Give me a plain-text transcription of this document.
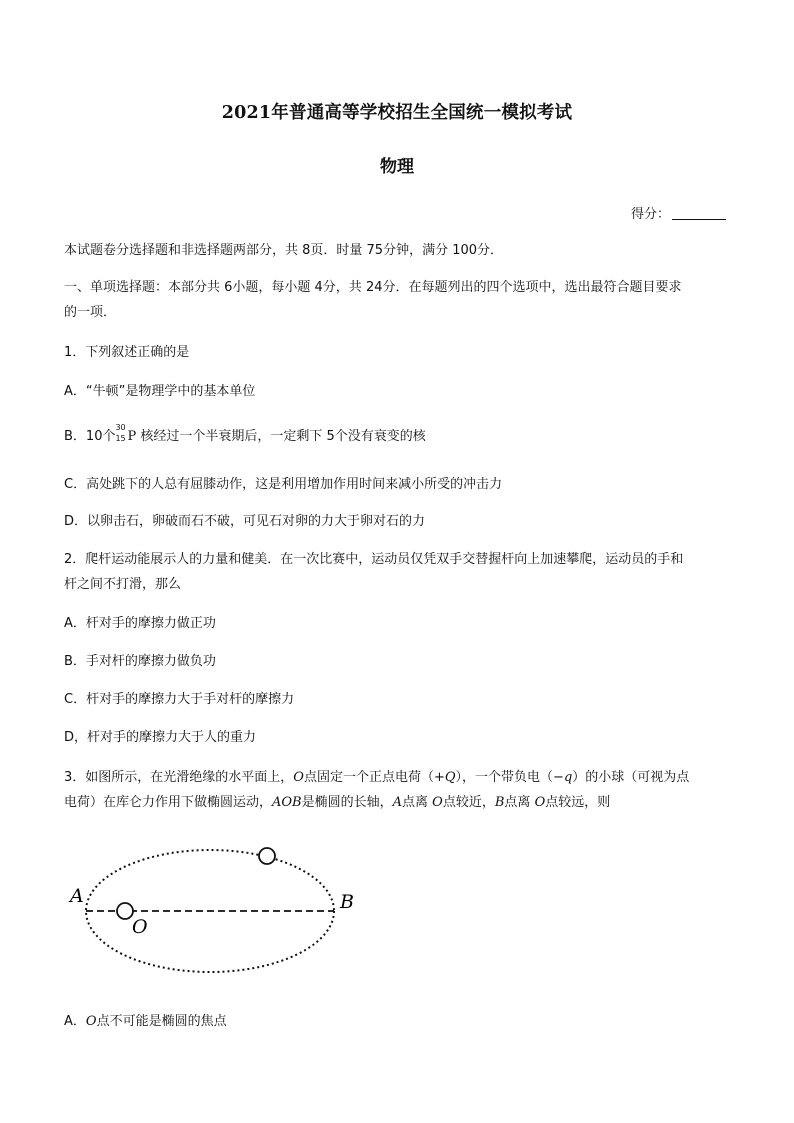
2021年普通高等学校招生全国统一模拟考试
物理
得分：
本试题卷分选择题和非选择题两部分，共 8页．时量 75分钟，满分 100分．
一、单项选择题：本部分共 6小题，每小题 4分，共 24分．在每题列出的四个选项中，选出最符合题目要求
的一项．
1．下列叙述正确的是
A．“牛顿”是物理学中的基本单位
B．10个
30
15 P 核经过一个半衰期后，一定剩下 5个没有衰变的核
C．高处跳下的人总有屈膝动作，这是利用增加作用时间来减小所受的冲击力
D．以卵击石，卵破而石不破，可见石对卵的力大于卵对石的力
2．爬杆运动能展示人的力量和健美．在一次比赛中，运动员仅凭双手交替握杆向上加速攀爬，运动员的手和
杆之间不打滑，那么
A．杆对手的摩擦力做正功
B．手对杆的摩擦力做负功
C．杆对手的摩擦力大于手对杆的摩擦力
D，杆对手的摩擦力大于人的重力
3．如图所示，在光滑绝缘的水平面上，O点固定一个正点电荷（+Q），一个带负电（−q）的小球（可视为点
电荷）在库仑力作用下做椭圆运动，AOB是椭圆的长轴，A点离 O点较近，B点离 O点较远，则
A
O
B
A．O点不可能是椭圆的焦点
